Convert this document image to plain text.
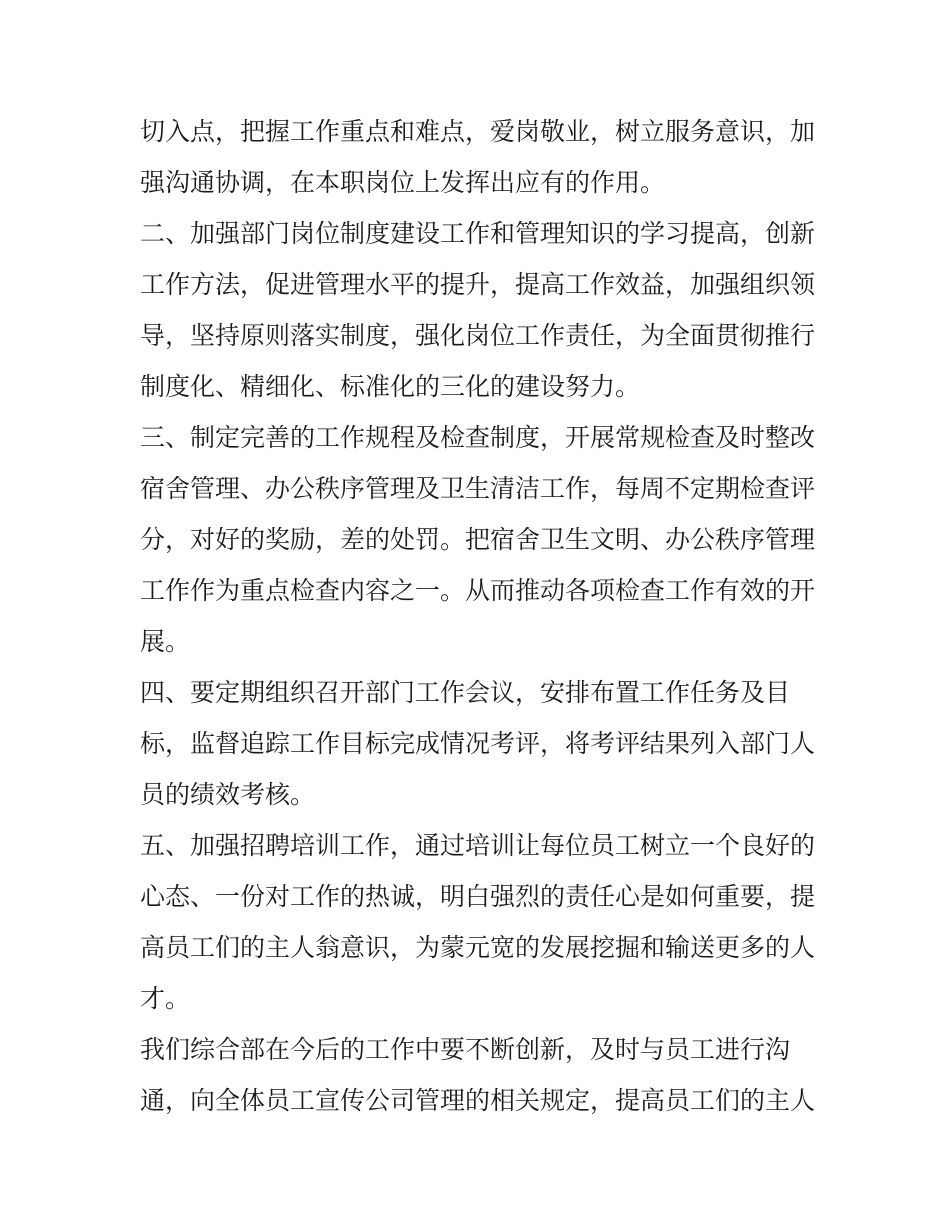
切入点，把握工作重点和难点，爱岗敬业，树立服务意识，加
强沟通协调，在本职岗位上发挥出应有的作用。
二、加强部门岗位制度建设工作和管理知识的学习提高，创新
工作方法，促进管理水平的提升，提高工作效益，加强组织领
导，坚持原则落实制度，强化岗位工作责任，为全面贯彻推行
制度化、精细化、标准化的三化的建设努力。
三、制定完善的工作规程及检查制度，开展常规检查及时整改
宿舍管理、办公秩序管理及卫生清洁工作，每周不定期检查评
分，对好的奖励，差的处罚。把宿舍卫生文明、办公秩序管理
工作作为重点检查内容之一。从而推动各项检查工作有效的开
展。
四、要定期组织召开部门工作会议，安排布置工作任务及目
标，监督追踪工作目标完成情况考评，将考评结果列入部门人
员的绩效考核。
五、加强招聘培训工作，通过培训让每位员工树立一个良好的
心态、一份对工作的热诚，明白强烈的责任心是如何重要，提
高员工们的主人翁意识，为蒙元宽的发展挖掘和输送更多的人
才。
我们综合部在今后的工作中要不断创新，及时与员工进行沟
通，向全体员工宣传公司管理的相关规定，提高员工们的主人
